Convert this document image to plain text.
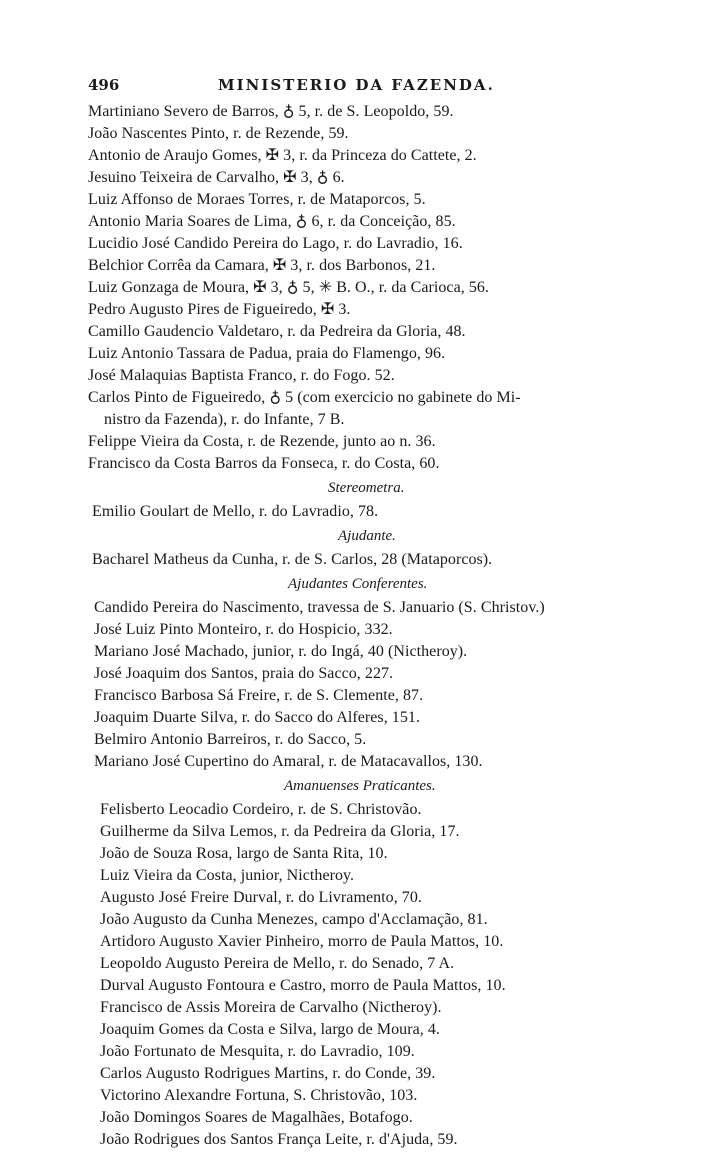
496	MINISTERIO DA FAZENDA.
Martiniano Severo de Barros, ♁ 5, r. de S. Leopoldo, 59.
João Nascentes Pinto, r. de Rezende, 59.
Antonio de Araujo Gomes, ✠ 3, r. da Princeza do Cattete, 2.
Jesuino Teixeira de Carvalho, ✠ 3, ♁ 6.
Luiz Affonso de Moraes Torres, r. de Mataporcos, 5.
Antonio Maria Soares de Lima, ♁ 6, r. da Conceição, 85.
Lucidio José Candido Pereira do Lago, r. do Lavradio, 16.
Belchior Corrêa da Camara, ✠ 3, r. dos Barbonos, 21.
Luiz Gonzaga de Moura, ✠ 3, ♁ 5, ✳ B. O., r. da Carioca, 56.
Pedro Augusto Pires de Figueiredo, ✠ 3.
Camillo Gaudencio Valdetaro, r. da Pedreira da Gloria, 48.
Luiz Antonio Tassara de Padua, praia do Flamengo, 96.
José Malaquias Baptista Franco, r. do Fogo. 52.
Carlos Pinto de Figueiredo, ♁ 5 (com exercicio no gabinete do Mi-
nistro da Fazenda), r. do Infante, 7 B.
Felippe Vieira da Costa, r. de Rezende, junto ao n. 36.
Francisco da Costa Barros da Fonseca, r. do Costa, 60.
Stereometra.
Emilio Goulart de Mello, r. do Lavradio, 78.
Ajudante.
Bacharel Matheus da Cunha, r. de S. Carlos, 28 (Mataporcos).
Ajudantes Conferentes.
Candido Pereira do Nascimento, travessa de S. Januario (S. Christov.)
José Luiz Pinto Monteiro, r. do Hospicio, 332.
Mariano José Machado, junior, r. do Ingá, 40 (Nictheroy).
José Joaquim dos Santos, praia do Sacco, 227.
Francisco Barbosa Sá Freire, r. de S. Clemente, 87.
Joaquim Duarte Silva, r. do Sacco do Alferes, 151.
Belmiro Antonio Barreiros, r. do Sacco, 5.
Mariano José Cupertino do Amaral, r. de Matacavallos, 130.
Amanuenses Praticantes.
Felisberto Leocadio Cordeiro, r. de S. Christovão.
Guilherme da Silva Lemos, r. da Pedreira da Gloria, 17.
João de Souza Rosa, largo de Santa Rita, 10.
Luiz Vieira da Costa, junior, Nictheroy.
Augusto José Freire Durval, r. do Livramento, 70.
João Augusto da Cunha Menezes, campo d'Acclamação, 81.
Artidoro Augusto Xavier Pinheiro, morro de Paula Mattos, 10.
Leopoldo Augusto Pereira de Mello, r. do Senado, 7 A.
Durval Augusto Fontoura e Castro, morro de Paula Mattos, 10.
Francisco de Assis Moreira de Carvalho (Nictheroy).
Joaquim Gomes da Costa e Silva, largo de Moura, 4.
João Fortunato de Mesquita, r. do Lavradio, 109.
Carlos Augusto Rodrigues Martins, r. do Conde, 39.
Victorino Alexandre Fortuna, S. Christovão, 103.
João Domingos Soares de Magalhães, Botafogo.
João Rodrigues dos Santos França Leite, r. d'Ajuda, 59.
